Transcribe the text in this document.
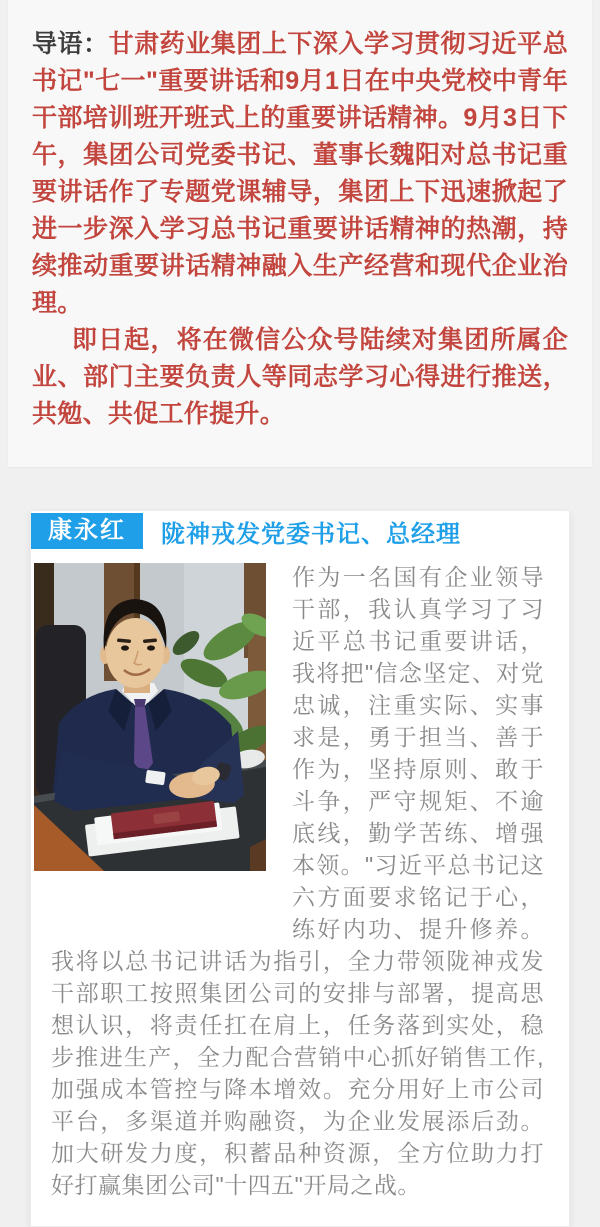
导语：甘肃药业集团上下深入学习贯彻习近平总书记"七一"重要讲话和9月1日在中央党校中青年干部培训班开班式上的重要讲话精神。9月3日下午，集团公司党委书记、董事长魏阳对总书记重要讲话作了专题党课辅导，集团上下迅速掀起了进一步深入学习总书记重要讲话精神的热潮，持续推动重要讲话精神融入生产经营和现代企业治理。

即日起，将在微信公众号陆续对集团所属企业、部门主要负责人等同志学习心得进行推送，共勉、共促工作提升。

康永红	陇神戎发党委书记、总经理

作为一名国有企业领导干部，我认真学习了习近平总书记重要讲话，我将把"信念坚定、对党忠诚，注重实际、实事求是，勇于担当、善于作为，坚持原则、敢于斗争，严守规矩、不逾底线，勤学苦练、增强本领。"习近平总书记这六方面要求铭记于心，练好内功、提升修养。我将以总书记讲话为指引，全力带领陇神戎发干部职工按照集团公司的安排与部署，提高思想认识，将责任扛在肩上，任务落到实处，稳步推进生产，全力配合营销中心抓好销售工作,加强成本管控与降本增效。充分用好上市公司平台，多渠道并购融资，为企业发展添后劲。加大研发力度，积蓄品种资源，全方位助力打好打赢集团公司"十四五"开局之战。
